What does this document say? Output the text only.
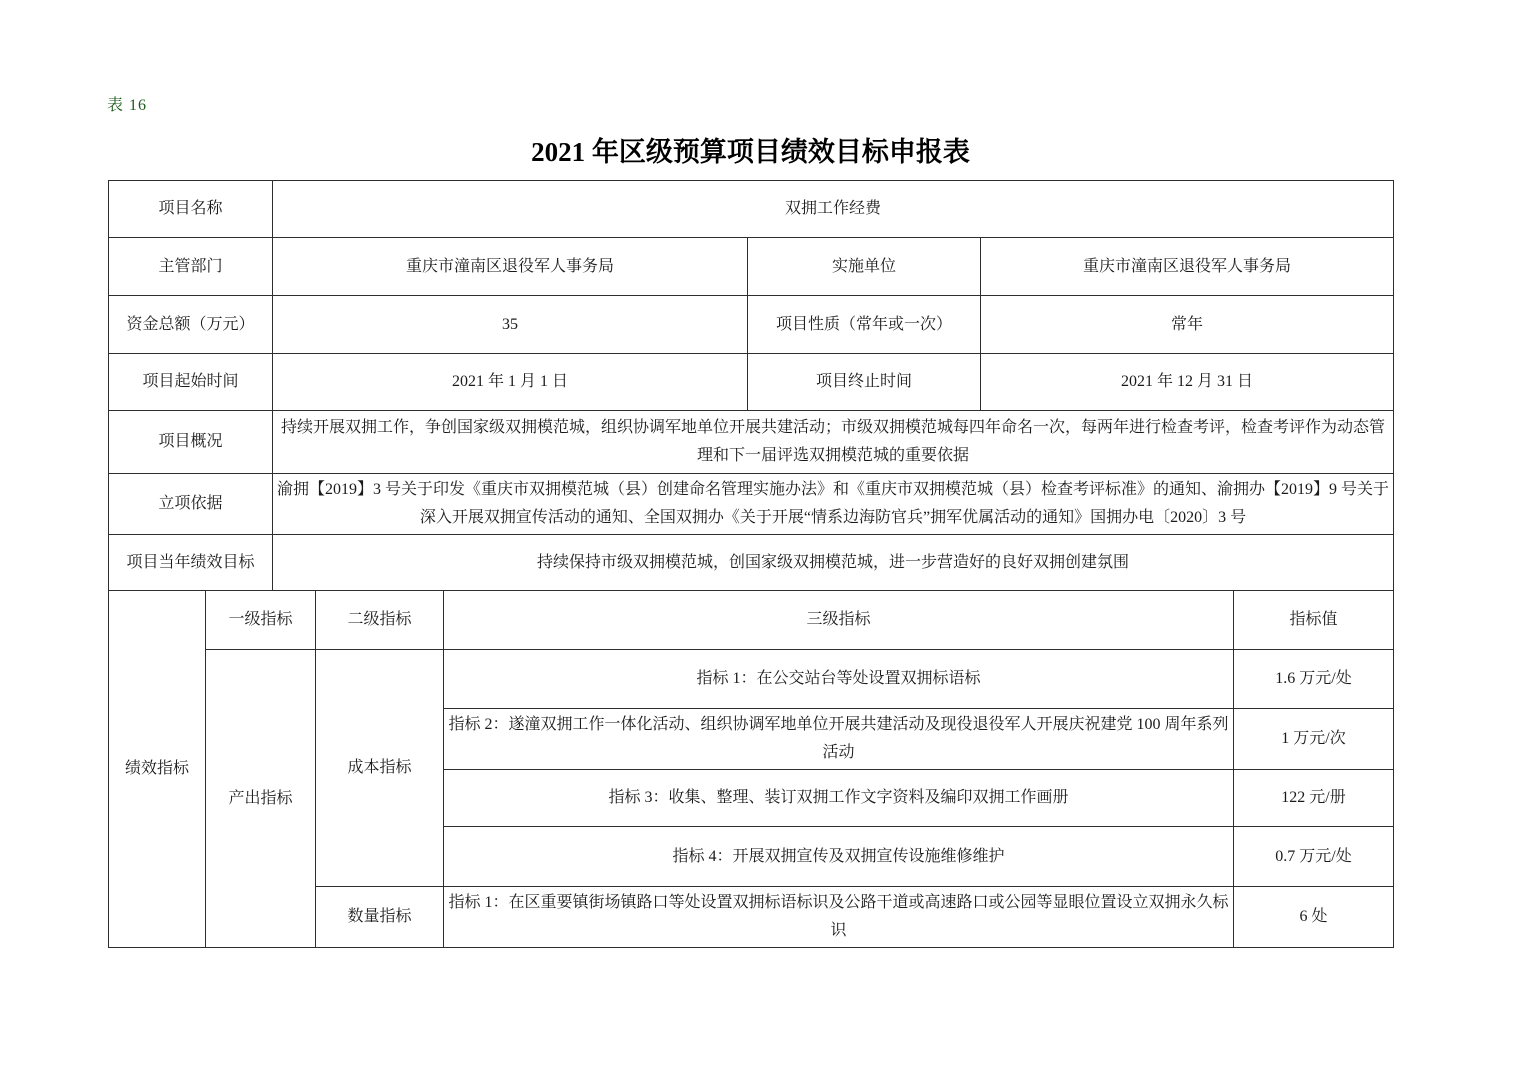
表 16
2021 年区级预算项目绩效目标申报表
项目名称		双拥工作经费					
主管部门		重庆市潼南区退役军人事务局			实施单位	重庆市潼南区退役军人事务局	
资金总额（万元）		35			项目性质（常年或一次）	常年	
项目起始时间		2021 年 1 月 1 日			项目终止时间	2021 年 12 月 31 日	
项目概况		持续开展双拥工作，争创国家级双拥模范城，组织协调军地单位开展共建活动；市级双拥模范城每四年命名一次，每两年进行检查考评，检查考评作为动态管理和下一届评选双拥模范城的重要依据					
立项依据		渝拥【2019】3 号关于印发《重庆市双拥模范城（县）创建命名管理实施办法》和《重庆市双拥模范城（县）检查考评标准》的通知、渝拥办【2019】9 号关于深入开展双拥宣传活动的通知、全国双拥办《关于开展“情系边海防官兵”拥军优属活动的通知》国拥办电〔2020〕3 号					
项目当年绩效目标		持续保持市级双拥模范城，创国家级双拥模范城，进一步营造好的良好双拥创建氛围					
绩效指标	一级指标		二级指标	三级指标			指标值
	产出指标		成本指标	指标 1：在公交站台等处设置双拥标语标			1.6 万元/处
				指标 2：遂潼双拥工作一体化活动、组织协调军地单位开展共建活动及现役退役军人开展庆祝建党 100 周年系列活动			1 万元/次
				指标 3：收集、整理、装订双拥工作文字资料及编印双拥工作画册			122 元/册
				指标 4：开展双拥宣传及双拥宣传设施维修维护			0.7 万元/处
			数量指标	指标 1：在区重要镇街场镇路口等处设置双拥标语标识及公路干道或高速路口或公园等显眼位置设立双拥永久标识			6 处
